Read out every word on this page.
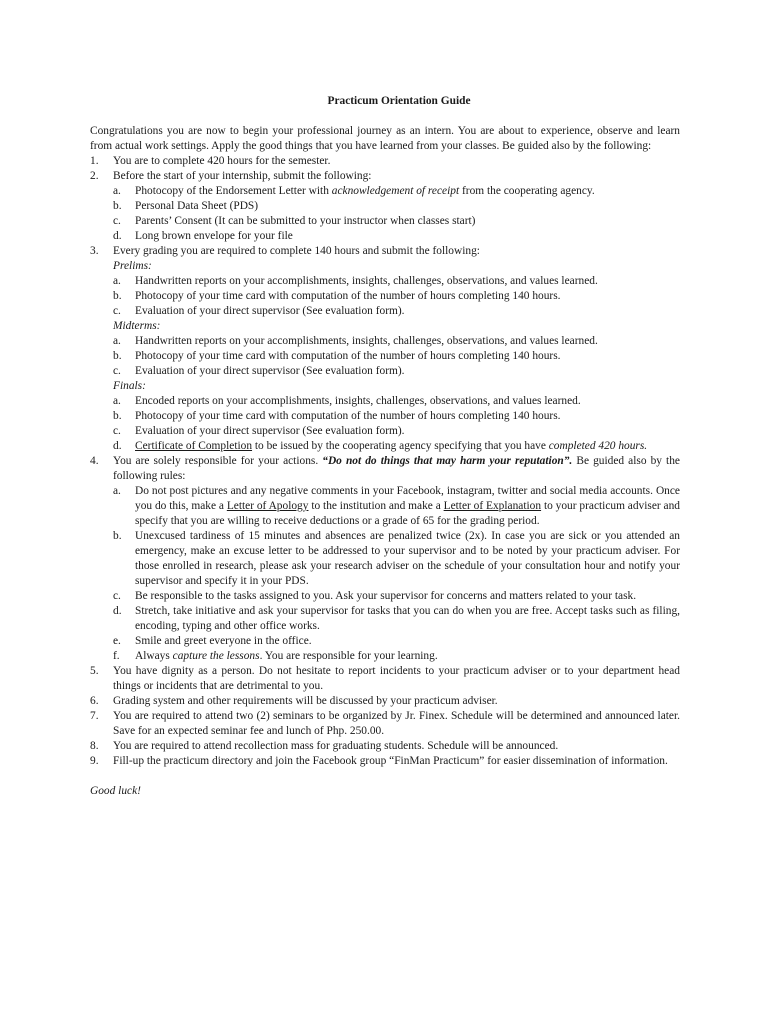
Practicum Orientation Guide

Congratulations you are now to begin your professional journey as an intern. You are about to experience, observe and learn from actual work settings. Apply the good things that you have learned from your classes. Be guided also by the following:

1. You are to complete 420 hours for the semester.
2. Before the start of your internship, submit the following:
a. Photocopy of the Endorsement Letter with acknowledgement of receipt from the cooperating agency.
b. Personal Data Sheet (PDS)
c. Parents’ Consent (It can be submitted to your instructor when classes start)
d. Long brown envelope for your file
3. Every grading you are required to complete 140 hours and submit the following:
Prelims:
a. Handwritten reports on your accomplishments, insights, challenges, observations, and values learned.
b. Photocopy of your time card with computation of the number of hours completing 140 hours.
c. Evaluation of your direct supervisor (See evaluation form).
Midterms:
a. Handwritten reports on your accomplishments, insights, challenges, observations, and values learned.
b. Photocopy of your time card with computation of the number of hours completing 140 hours.
c. Evaluation of your direct supervisor (See evaluation form).
Finals:
a. Encoded reports on your accomplishments, insights, challenges, observations, and values learned.
b. Photocopy of your time card with computation of the number of hours completing 140 hours.
c. Evaluation of your direct supervisor (See evaluation form).
d. Certificate of Completion to be issued by the cooperating agency specifying that you have completed 420 hours.
4. You are solely responsible for your actions. “Do not do things that may harm your reputation”. Be guided also by the following rules:
a. Do not post pictures and any negative comments in your Facebook, instagram, twitter and social media accounts. Once you do this, make a Letter of Apology to the institution and make a Letter of Explanation to your practicum adviser and specify that you are willing to receive deductions or a grade of 65 for the grading period.
b. Unexcused tardiness of 15 minutes and absences are penalized twice (2x). In case you are sick or you attended an emergency, make an excuse letter to be addressed to your supervisor and to be noted by your practicum adviser. For those enrolled in research, please ask your research adviser on the schedule of your consultation hour and notify your supervisor and specify it in your PDS.
c. Be responsible to the tasks assigned to you. Ask your supervisor for concerns and matters related to your task.
d. Stretch, take initiative and ask your supervisor for tasks that you can do when you are free. Accept tasks such as filing, encoding, typing and other office works.
e. Smile and greet everyone in the office.
f. Always capture the lessons. You are responsible for your learning.
5. You have dignity as a person. Do not hesitate to report incidents to your practicum adviser or to your department head things or incidents that are detrimental to you.
6. Grading system and other requirements will be discussed by your practicum adviser.
7. You are required to attend two (2) seminars to be organized by Jr. Finex. Schedule will be determined and announced later. Save for an expected seminar fee and lunch of Php. 250.00.
8. You are required to attend recollection mass for graduating students. Schedule will be announced.
9. Fill-up the practicum directory and join the Facebook group “FinMan Practicum” for easier dissemination of information.
Good luck!
